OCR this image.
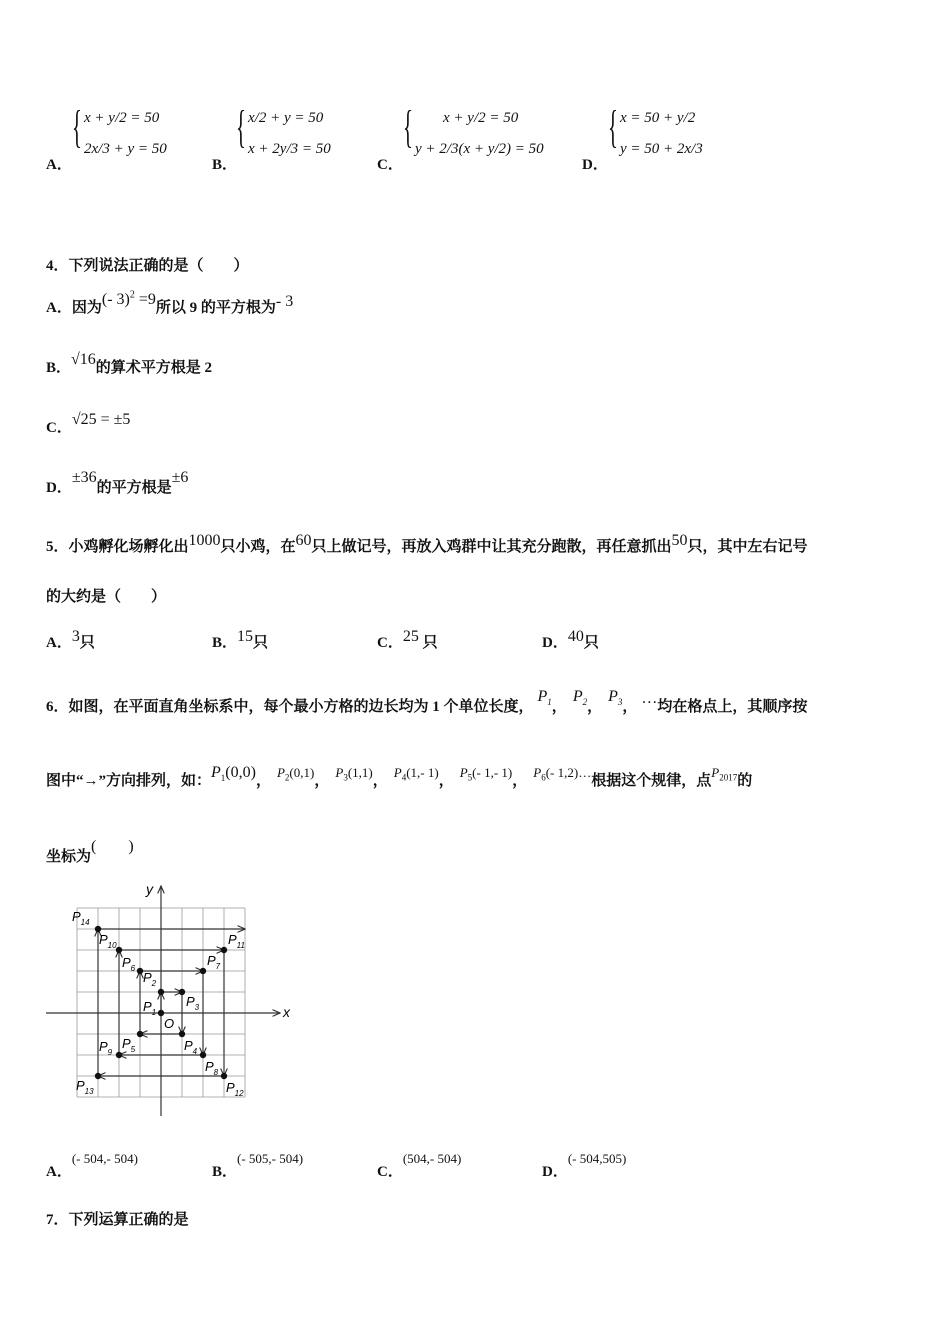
A．
{ x + y/2 = 50
2x/3 + y = 50
B．
{ x/2 + y = 50
x + 2y/3 = 50
C．
{ x + y/2 = 50
y + 2/3(x + y/2) = 50
D．
{ x = 50 + y/2
y = 50 + 2x/3
4．下列说法正确的是（　　）
A．因为(- 3)$^2$ =9所以 9 的平方根为- 3
B．√16的算术平方根是 2
C．√25 = ±5
D．±36的平方根是±6
5．小鸡孵化场孵化出1000只小鸡，在60只上做记号，再放入鸡群中让其充分跑散，再任意抓出50只，其中左右记号
的大约是（　　）
A．3只	B．15只	C．25 只	D．40只
6．如图，在平面直角坐标系中，每个最小方格的边长均为 1 个单位长度，$P_1$，$P_2$，$P_3$， …均在格点上，其顺序按
图中“→”方向排列，如：$P_1(0,0)$，$P_2(0,1)$，$P_3(1,1)$，$P_4(1,-$ 1)，$P_5(-$ 1,- 1)，$P_6(-$ 1,2)…根据这个规律，点$P_{2017}$的
坐标为(　　)
x
y
O
$P_1$
$P_2$
$P_3$
$P_4$
$P_5$
$P_6$
$P_7$
$P_8$
$P_9$
$P_{10}$	$P_{11}$
$P_{12}$
$P_{13}$
$P_{14}$
A．(- 504,- 504)
B．(- 505,- 504)
C．(504,- 504)
D．(- 504,505)
7．下列运算正确的是
